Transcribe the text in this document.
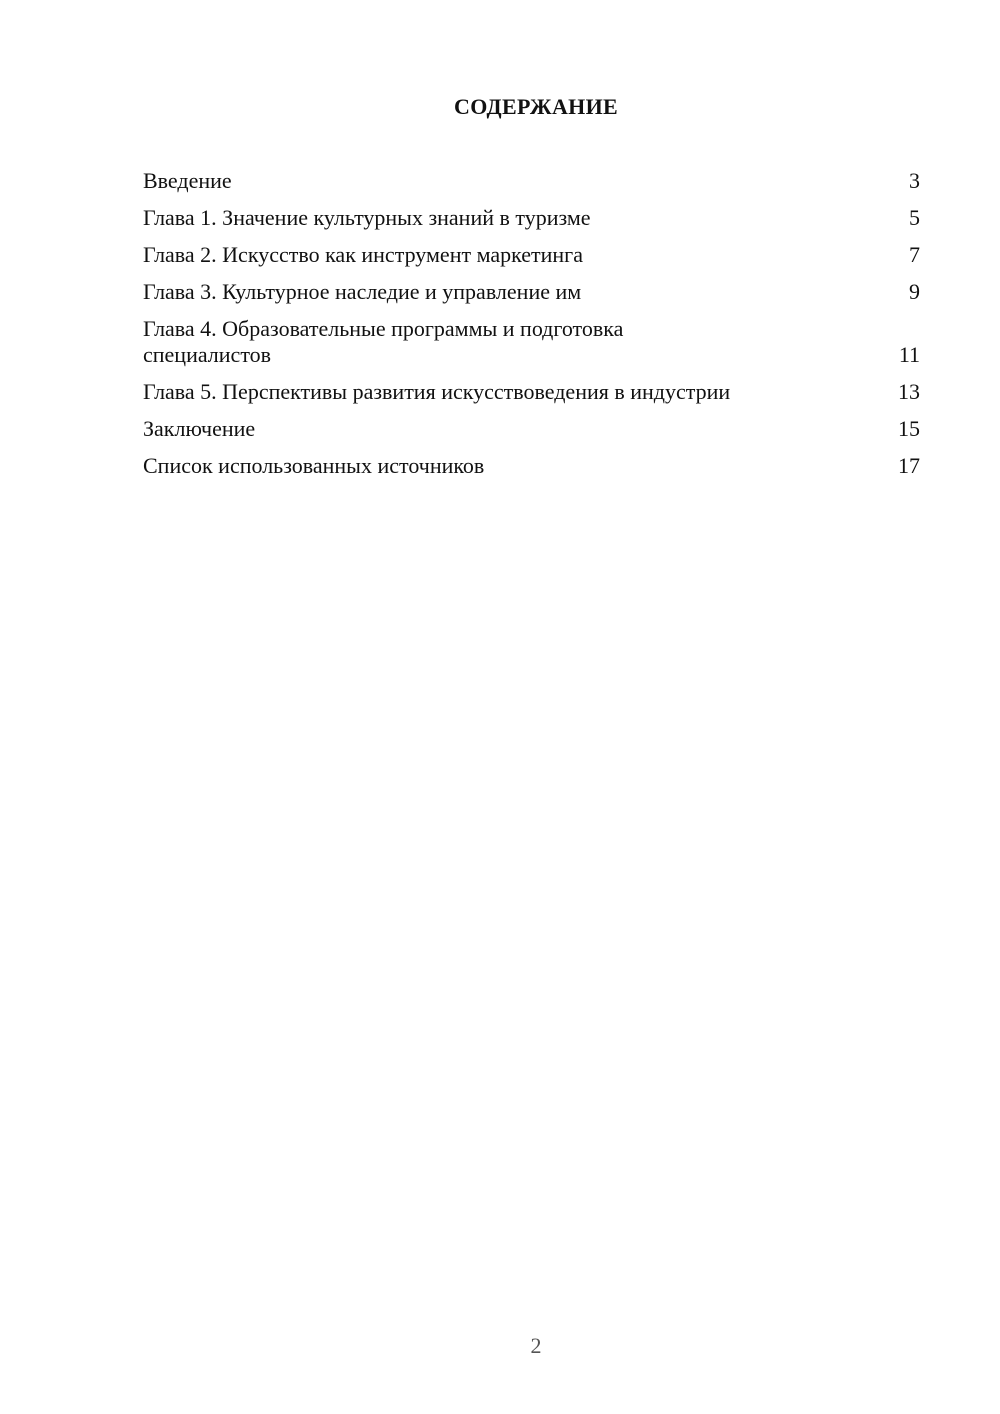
СОДЕРЖАНИЕ
Введение	3
Глава 1. Значение культурных знаний в туризме	5
Глава 2. Искусство как инструмент маркетинга	7
Глава 3. Культурное наследие и управление им	9
Глава 4. Образовательные программы и подготовка специалистов	11
Глава 5. Перспективы развития искусствоведения в индустрии	13
Заключение	15
Список использованных источников	17
2
